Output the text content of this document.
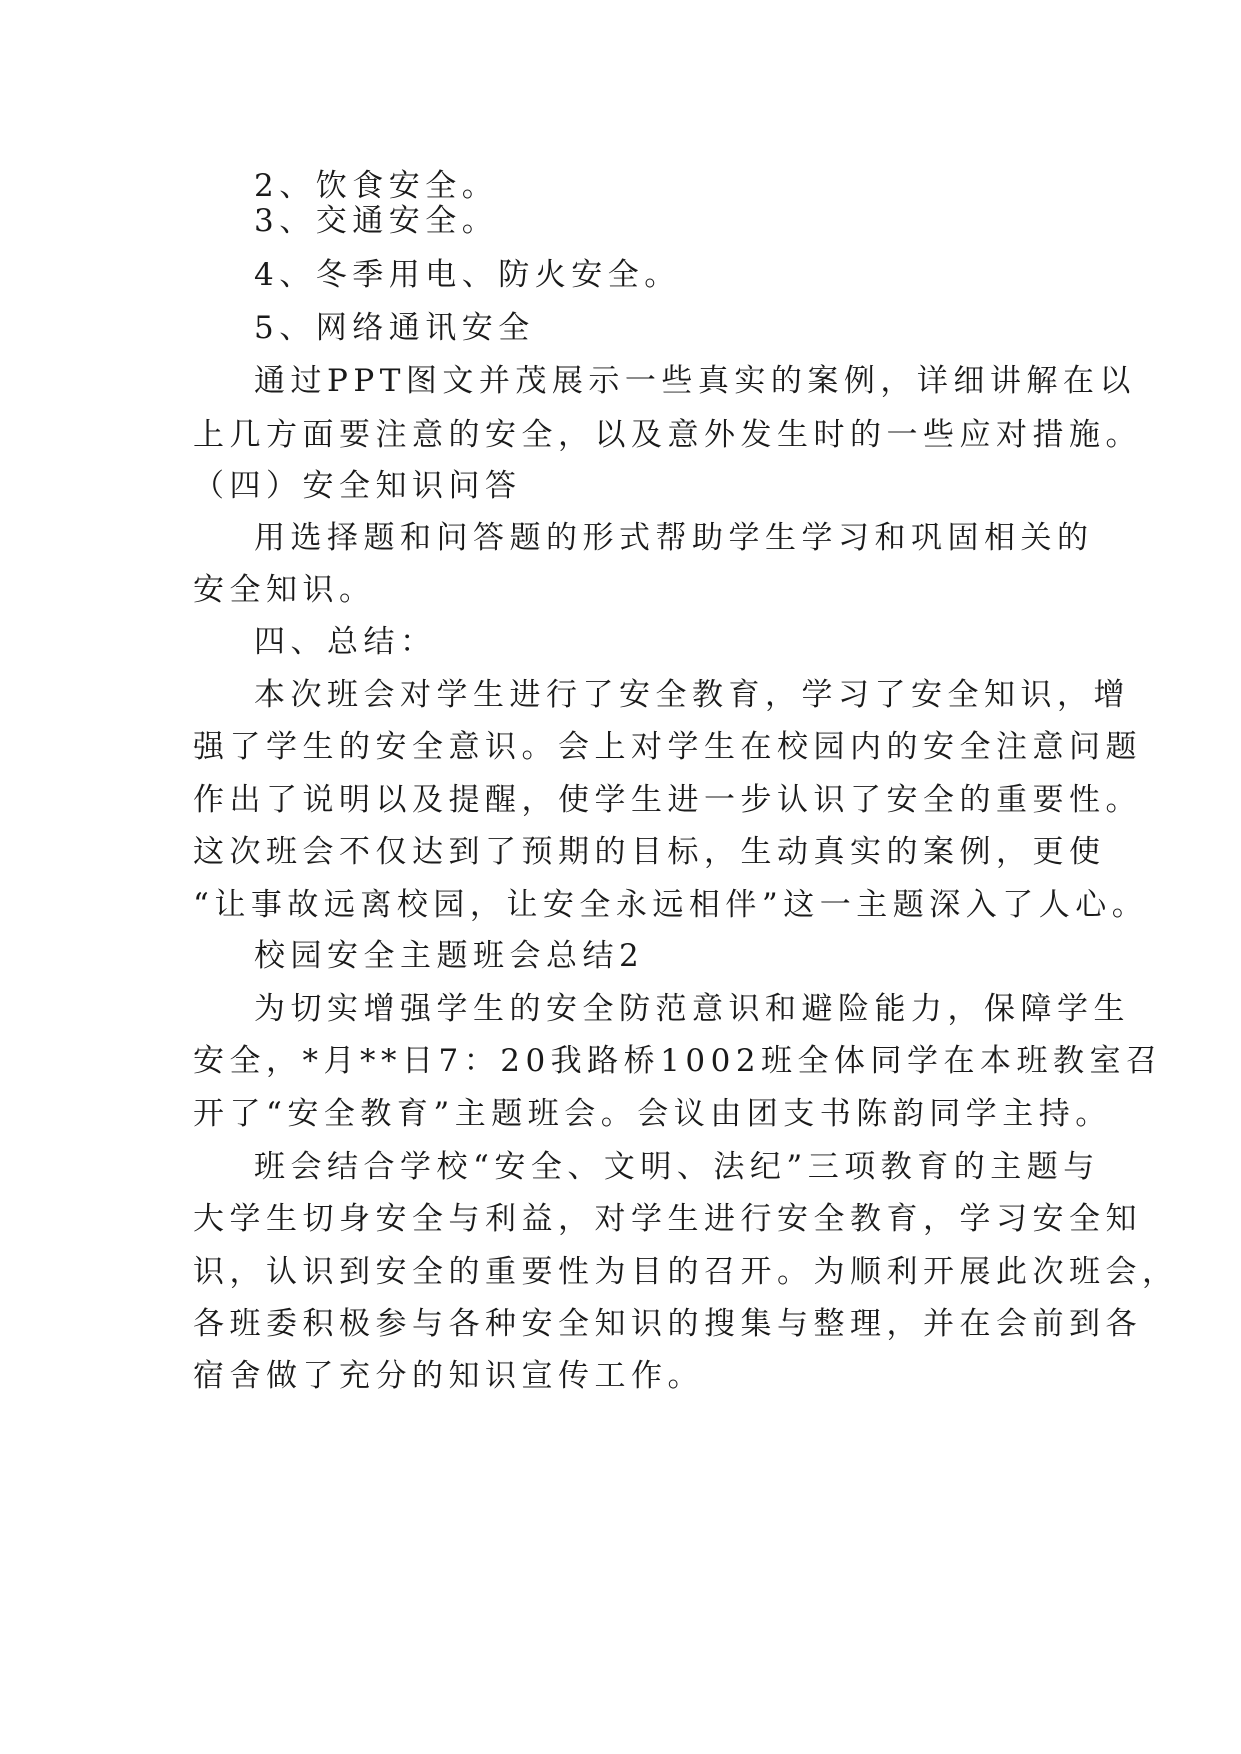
2、饮食安全。
3、交通安全。
4、冬季用电、防火安全。
5、网络通讯安全
通过PPT图文并茂展示一些真实的案例，详细讲解在以
上几方面要注意的安全，以及意外发生时的一些应对措施。
（四）安全知识问答
用选择题和问答题的形式帮助学生学习和巩固相关的
安全知识。
四、总结：
本次班会对学生进行了安全教育，学习了安全知识，增
强了学生的安全意识。会上对学生在校园内的安全注意问题
作出了说明以及提醒，使学生进一步认识了安全的重要性。
这次班会不仅达到了预期的目标，生动真实的案例，更使
“让事故远离校园，让安全永远相伴”这一主题深入了人心。
校园安全主题班会总结2
为切实增强学生的安全防范意识和避险能力，保障学生
安全，*月**日7：20我路桥1002班全体同学在本班教室召
开了“安全教育”主题班会。会议由团支书陈韵同学主持。
班会结合学校“安全、文明、法纪”三项教育的主题与
大学生切身安全与利益，对学生进行安全教育，学习安全知
识，认识到安全的重要性为目的召开。为顺利开展此次班会，
各班委积极参与各种安全知识的搜集与整理，并在会前到各
宿舍做了充分的知识宣传工作。
